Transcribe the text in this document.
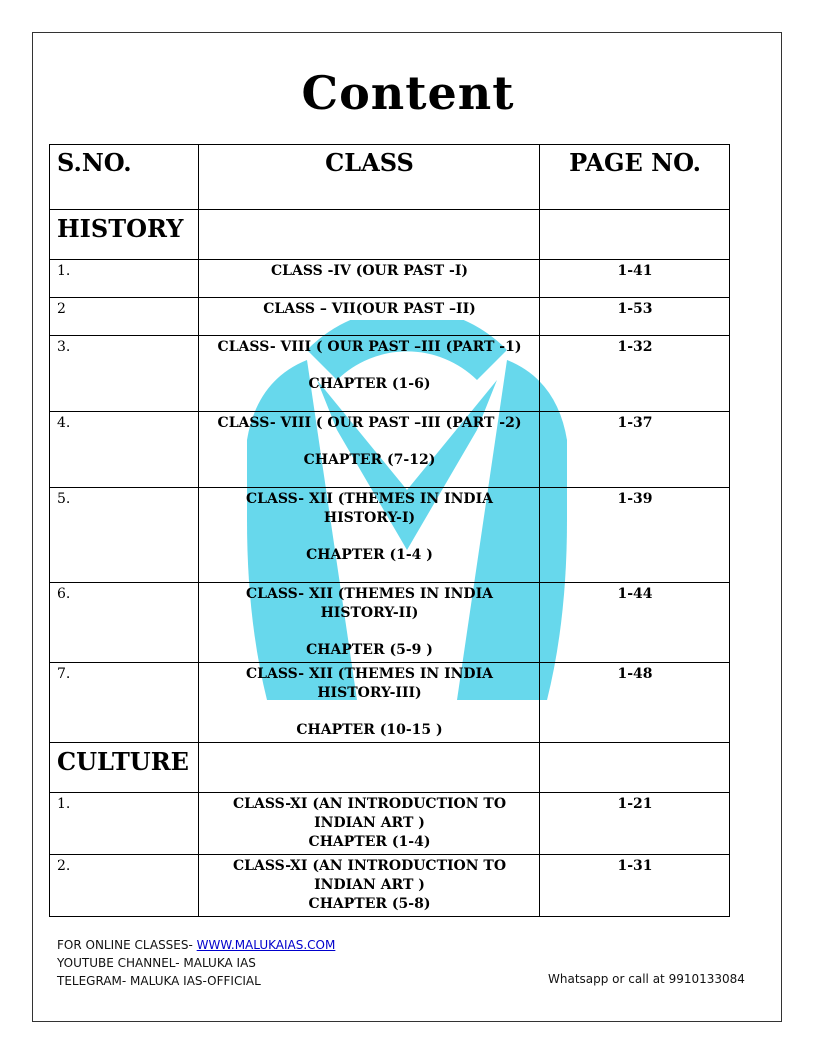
Content
S.NO.	CLASS	PAGE NO.
HISTORY		
1.	CLASS -IV (OUR PAST -I)	1-41
2	CLASS – VII(OUR PAST –II)	1-53
3.	CLASS- VIII ( OUR PAST –III (PART -1)
CHAPTER (1-6)	1-32
4.	CLASS- VIII ( OUR PAST –III (PART -2)
CHAPTER (7-12)	1-37
5.	CLASS- XII (THEMES IN INDIA
HISTORY-I)
CHAPTER (1-4 )	1-39
6.	CLASS- XII (THEMES IN INDIA
HISTORY-II)
CHAPTER (5-9 )	1-44
7.	CLASS- XII (THEMES IN INDIA
HISTORY-III)
CHAPTER (10-15 )	1-48
CULTURE		
1.	CLASS-XI (AN INTRODUCTION TO
INDIAN ART )
CHAPTER (1-4)	1-21
2.	CLASS-XI (AN INTRODUCTION TO
INDIAN ART )
CHAPTER (5-8)	1-31
FOR ONLINE CLASSES- WWW.MALUKAIAS.COM
YOUTUBE CHANNEL- MALUKA IAS
TELEGRAM- MALUKA IAS-OFFICIAL	Whatsapp or call at 9910133084
